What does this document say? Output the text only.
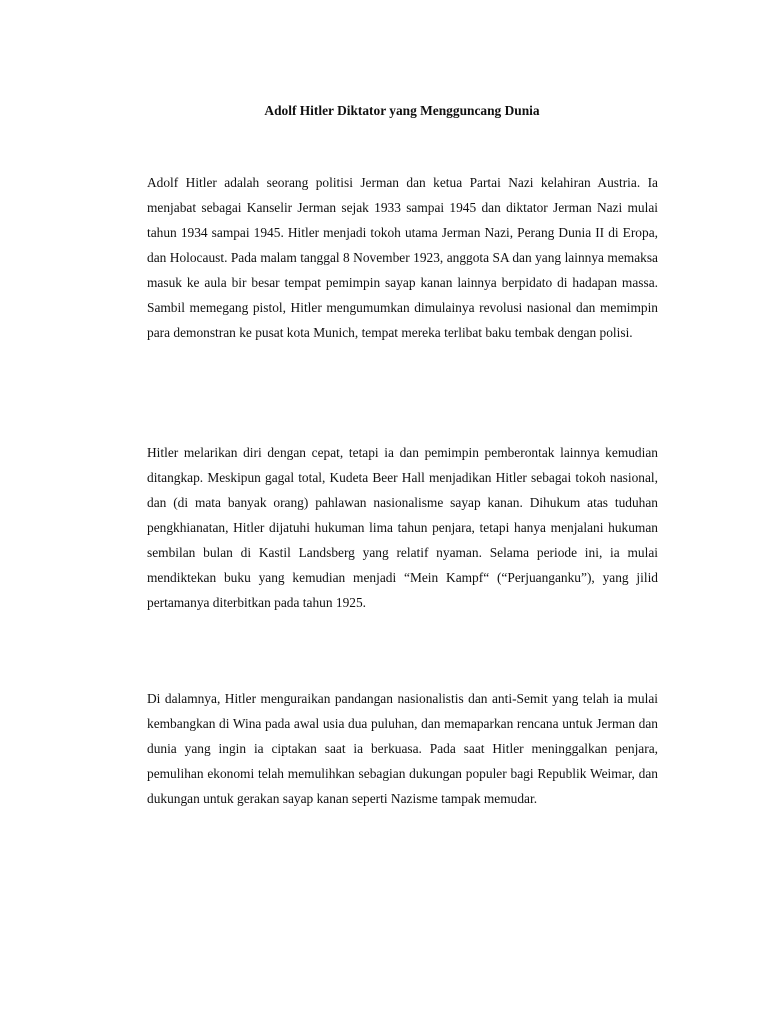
Adolf Hitler Diktator yang Mengguncang Dunia

Adolf Hitler adalah seorang politisi Jerman dan ketua Partai Nazi kelahiran Austria. Ia menjabat sebagai Kanselir Jerman sejak 1933 sampai 1945 dan diktator Jerman Nazi mulai tahun 1934 sampai 1945. Hitler menjadi tokoh utama Jerman Nazi, Perang Dunia II di Eropa, dan Holocaust. Pada malam tanggal 8 November 1923, anggota SA dan yang lainnya memaksa masuk ke aula bir besar tempat pemimpin sayap kanan lainnya berpidato di hadapan massa. Sambil memegang pistol, Hitler mengumumkan dimulainya revolusi nasional dan memimpin para demonstran ke pusat kota Munich, tempat mereka terlibat baku tembak dengan polisi.

Hitler melarikan diri dengan cepat, tetapi ia dan pemimpin pemberontak lainnya kemudian ditangkap. Meskipun gagal total, Kudeta Beer Hall menjadikan Hitler sebagai tokoh nasional, dan (di mata banyak orang) pahlawan nasionalisme sayap kanan. Dihukum atas tuduhan pengkhianatan, Hitler dijatuhi hukuman lima tahun penjara, tetapi hanya menjalani hukuman sembilan bulan di Kastil Landsberg yang relatif nyaman. Selama periode ini, ia mulai mendiktekan buku yang kemudian menjadi “Mein Kampf“ (“Perjuanganku”), yang jilid pertamanya diterbitkan pada tahun 1925.

Di dalamnya, Hitler menguraikan pandangan nasionalistis dan anti-Semit yang telah ia mulai kembangkan di Wina pada awal usia dua puluhan, dan memaparkan rencana untuk Jerman dan dunia yang ingin ia ciptakan saat ia berkuasa. Pada saat Hitler meninggalkan penjara, pemulihan ekonomi telah memulihkan sebagian dukungan populer bagi Republik Weimar, dan dukungan untuk gerakan sayap kanan seperti Nazisme tampak memudar.
